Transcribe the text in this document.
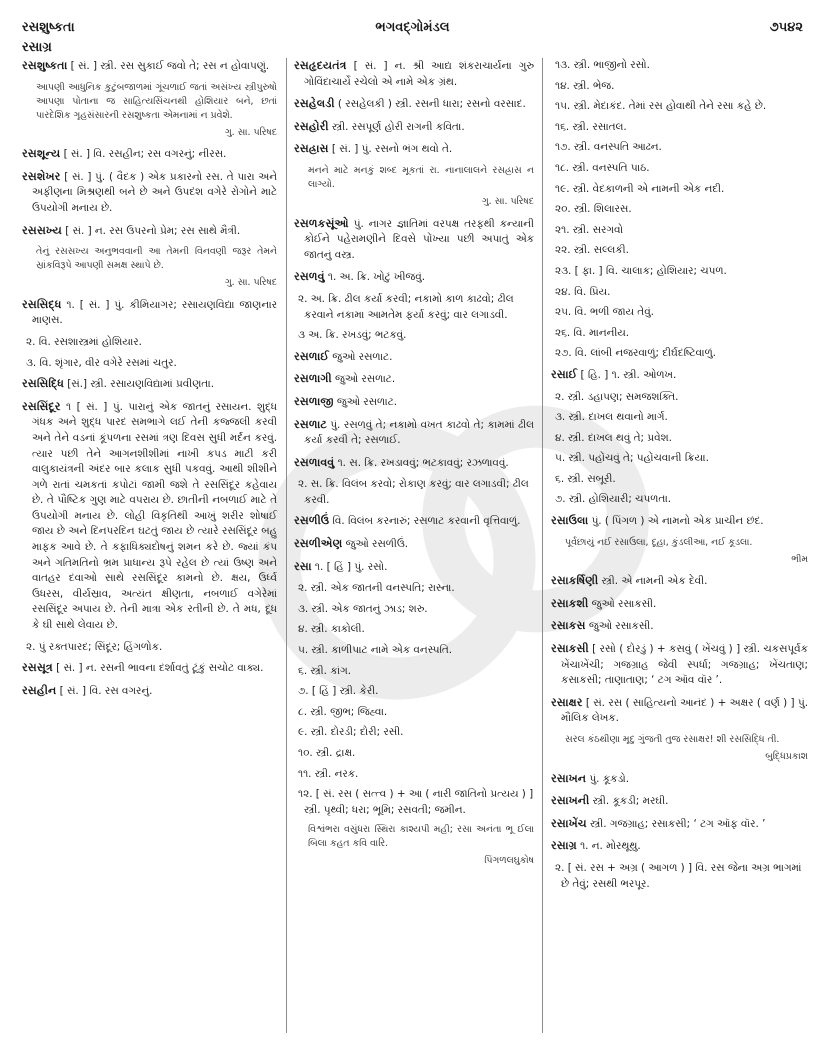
રસશુષ્કતા
રસાગ્ર
ભગવદ્ગોમંડલ	૭૫૪૨
રસશુષ્કતા [ સં. ] સ્ત્રી. રસ સુકાઈ જવો તે; રસ ન હોવાપણું.
આપણી આધુનિક કુટુંબજાળમાં ગૂંચળાઈ જતાં અસંખ્ય સ્ત્રીપુરુષો આપણા પોતાના જ સાહિત્યસિંચનથી હોશિયાર બને, છતાં પારદેશિક ગૃહસંસારની રસશુષ્કતા એમનામાં ન પ્રવેશે.
ગુ. સા. પરિષદ
રસશૂન્ય [ સં. ] વિ. રસહીન; રસ વગરનું; નીરસ.
રસશેખર [ સં. ] પું. ( વૈદક ) એક પ્રકારનો રસ. તે પારા અને અફીણના મિશ્રણથી બને છે અને ઉપદંશ વગેરે રોગોને માટે ઉપયોગી મનાય છે.
રસસખ્ય [ સં. ] ન. રસ ઉપરનો પ્રેમ; રસ સાથે મૈત્રી.
તેનું રસસખ્ય અનુભવવાની આ તેમની વિનવણી જરૂર તેમને સ્રાંકવિરૂપે આપણી સમક્ષ સ્થાપે છે.
ગુ. સા. પરિષદ
રસસિદ્ધ ૧. [ સં. ] પું. કીમિયાગર; રસાયણવિદ્યા જાણનાર માણસ.
૨. વિ. રસશાસ્ત્રમાં હોશિયાર.
૩. વિ. શૃંગાર, વીર વગેરે રસમાં ચતુર.
રસસિદ્ધિ [સં.] સ્ત્રી. રસાયણવિદ્યામાં પ્રવીણતા.
રસસિંદૂર ૧ [ સં. ] પું. પારાનું એક જાતનું રસાયન. શુદ્ધ ગંધક અને શુદ્ધ પારદ સમભાગે લઈ તેની કજ્જલી કરવી અને તેને વડનાં કૂંપળના રસમાં ત્રણ દિવસ સુધી મર્દન કરવું. ત્યાર પછી તેને આગનશીશીમાં નાખી કપડ માટી કરી વાલુકાયંત્રની અંદર બાર કલાક સુધી પકવવું. આથી શીશીને ગળે રાતાં ચમકતાં કપોટાં જામી જશે તે રસસિંદૂર કહેવાય છે. તે પૌષ્ટિક ગુણ માટે વપરાય છે. છાતીની નબળાઈ માટે તે ઉપયોગી મનાય છે. લોહી વિકૃતિથી આખું શરીર શોષાઈ જાય છે અને દિનપરદિન ઘટતું જાય છે ત્યારે રસસિંદૂર બહુ માફક આવે છે. તે કફાધિક્યદોષનું શમન કરે છે. જ્યાં કંપ અને ગતિમતિનો ભ્રમ પ્રાધાન્ય રૂપે રહેલ છે ત્યાં ઉષ્ણ અને વાતહર દવાઓ સાથે રસસિંદૂર કામનો છે. ક્ષય, ઉર્ધ્વ ઉધરસ, વીર્યસ્રાવ, અત્યંત ક્ષીણતા, નબળાઈ વગેરેમાં રસસિંદૂર અપાય છે. તેની માત્રા એક રતીની છે. તે મધ, દૂધ કે ઘી સાથે લેવાય છે.
૨. પું રક્તપારદ; સિંદૂર; હિંગળોક.
રસસૂત્ર [ સં. ] ન. રસની ભાવના દર્શાવતું ટૂંકું સચોટ વાક્ય.
રસહીન [ સં. ] વિ. રસ વગરનું.
રસહૃદયતંત્ર [ સં. ] ન. શ્રી આદ્ય શંકરાચાર્યના ગુરુ ગોવિંદાચાર્યે રચેલો એ નામે એક ગ્રંથ.
રસહેલડી ( રસહેલકી ) સ્ત્રી. રસની ધારા; રસનો વરસાદ.
રસહોરી સ્ત્રી. રસપૂર્ણ હોરી રાગની કવિતા.
રસહ્રાસ [ સં. ] પું. રસનો ભંગ થવો તે.
મનને માટે મનકું શબ્દ મૂકતાં રા. નાનાલાલને રસહ્રાસ ન લાગ્યો.
ગુ. સા. પરિષદ
રસળકસૂંઓ પું. નાગર જ્ઞાતિમાં વરપક્ષ તરફથી કન્યાની કોઈને પહેરામણીને દિવસે પોંખ્યા પછી અપાતું એક જાતનું વસ્ત્ર.
રસળવું ૧. અ. ક્રિ. ખોટું ખીજવું.
૨. અ. ક્રિ. ઢીલ કર્યા કરવી; નકામો કાળ કાઢવો; ઢીલ કરવાને નકામા આમતેમ ફર્યા કરવું; વાર લગાડવી.
૩ અ. ક્રિ. રખડવું; ભટકવું.
રસળાઈ જુઓ રસળાટ.
રસળાગી જુઓ રસળાટ.
રસળાજી જુઓ રસળાટ.
રસળાટ પું. રસળવું તે; નકામો વખત કાઢવો તે; કામમાં ઢીલ કર્યા કરવી તે; રસળાઈ.
રસળાવવું ૧. સ. ક્રિ. રખડાવવું; ભટકાવવું; રઝળાવવું.
૨. સ. ક્રિ. વિલંબ કરવો; રોકાણ કરવું; વાર લગાડવી; ઢીલ કરવી.
રસળીઉં વિ. વિલંબ કરનારું; રસળાટ કરવાની વૃત્તિવાળું.
રસળીએણ જુઓ રસળીઉં.
રસા ૧. [ હિં ] પું. રસો.
૨. સ્ત્રી. એક જાતની વનસ્પતિ; રાસ્ના.
૩. સ્ત્રી. એક જાતનું ઝાડ; શરુ.
૪. સ્ત્રી. કાકોલી.
૫. સ્ત્રી. કાળીપાટ નામે એક વનસ્પતિ.
૬. સ્ત્રી. કાંગ.
૭. [ હિં ] સ્ત્રી. કેરી.
૮. સ્ત્રી. જીભ; જિહ્વા.
૯. સ્ત્રી. દોરડી; દોરી; રસી.
૧૦. સ્ત્રી. દ્રાક્ષ.
૧૧. સ્ત્રી. નરક.
૧૨. [ સં. રસ ( સત્ત્વ ) + આ ( નારી જાતિનો પ્રત્યય ) ] સ્ત્રી. પૃથ્વી; ધરા; ભૂમિ; રસવતી; જમીન.
વિશ્વંભરા વસુંધરા સ્થિરા કાશ્યપી મહી; રસા અનંતા ભૂ ઈલા બિલા કહત કવિ વારિ.
પિંગળલઘુકોષ
૧૩. સ્ત્રી. ભાજીનો રસો.
૧૪. સ્ત્રી. ભેજ.
૧૫. સ્ત્રી. મેદાકંદ. તેમાં રસ હોવાથી તેને રસા કહે છે.
૧૬. સ્ત્રી. રસાતલ.
૧૭. સ્ત્રી. વનસ્પતિ આઢન.
૧૮. સ્ત્રી. વનસ્પતિ પાઠ.
૧૯. સ્ત્રી. વેદકાળની એ નામની એક નદી.
૨૦. સ્ત્રી. શિલારસ.
૨૧. સ્ત્રી. સરગવો
૨૨. સ્ત્રી. સલ્લકી.
૨૩. [ ફા. ] વિ. ચાલાક; હોશિયાર; ચપળ.
૨૪. વિ. પ્રિય.
૨૫. વિ. ભળી જાય તેવું.
૨૬. વિ. માનનીય.
૨૭. વિ. લાંબી નજરવાળું; દીર્ઘદષ્ટિવાળું.
રસાઈ [ હિ. ] ૧. સ્ત્રી. ઓળખ.
૨. સ્ત્રી. ડહાપણ; સમજશક્તિ.
૩. સ્ત્રી. દાખલ થવાનો માર્ગ.
૪. સ્ત્રી. દાખલ થવું તે; પ્રવેશ.
૫. સ્ત્રી. પહોંચવું તે; પહોંચવાની ક્રિયા.
૬. સ્ત્રી. સબૂરી.
૭. સ્ત્રી. હોશિયારી; ચપળતા.
રસાઉલા પું. ( પિંગળ ) એ નામનો એક પ્રાચીન છંદ.
પૂર્વછાયું નઈ રસાઉલા, દૂહા, કુંડલીઆ, નઈ કૂડલા.
ભીમ
રસાકર્ષિણી સ્ત્રી. એ નામની એક દેવી.
રસાકશી જુઓ રસાકસી.
રસાકસ જુઓ રસાકસી.
રસાકસી [ રસો ( દોરડું ) + કસવું ( ખેંચવું ) ] સ્ત્રી. ચકસપૂર્વક ખેંચાખેંચી; ગજગ્રાહ જેવી સ્પર્ધા; ગજગ્રાહ; ખેંચતાણ; કસાકસી; તાણાતાણ; ‘ ટગ ઑવ વૉર ’.
રસાક્ષર [ સં. રસ ( સાહિત્યનો આનંદ ) + અક્ષર ( વર્ણ ) ] પું. મૌલિક લેખક.
સરલ કંઠથીણા મૃદુ ગુંજતી તુજ રસાક્ષર! શી રસસિદ્ધિ તી.
બુદ્ધિપ્રકાશ
રસાખન પું. કૂકડો.
રસાખની સ્ત્રી. કૂકડી; મરઘી.
રસાખેંચ સ્ત્રી. ગજગ્રાહ; રસાકસી; ‘ ટગ ઑફ વૉર. ’
રસાગ્ર ૧. ન. મોરથૂથુ.
૨. [ સં. રસ + અગ્ર ( આગળ ) ] વિ. રસ જેના અગ્ર ભાગમાં છે તેવું; રસથી ભરપૂર.
